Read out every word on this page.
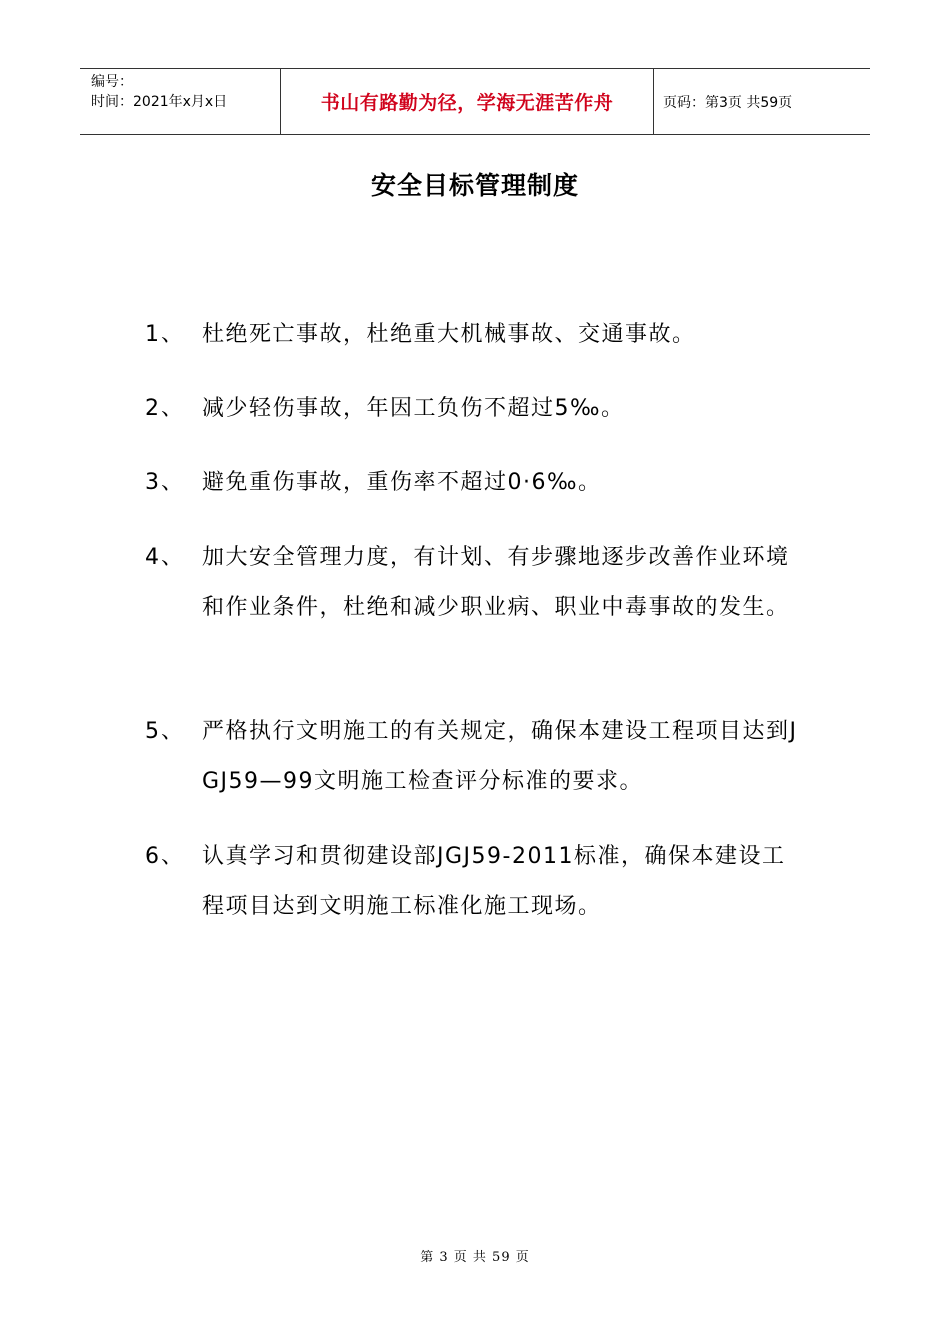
编号：
时间：2021年x月x日	书山有路勤为径，学海无涯苦作舟	页码：第3页 共59页
安全目标管理制度
1、 杜绝死亡事故，杜绝重大机械事故、交通事故。
2、 减少轻伤事故，年因工负伤不超过5‰。
3、 避免重伤事故，重伤率不超过0·6‰。
4、 加大安全管理力度，有计划、有步骤地逐步改善作业环境和作业条件，杜绝和减少职业病、职业中毒事故的发生。
5、 严格执行文明施工的有关规定，确保本建设工程项目达到JGJ59—99文明施工检查评分标准的要求。
6、 认真学习和贯彻建设部JGJ59-2011标准，确保本建设工程项目达到文明施工标准化施工现场。
第 3 页 共 59 页
